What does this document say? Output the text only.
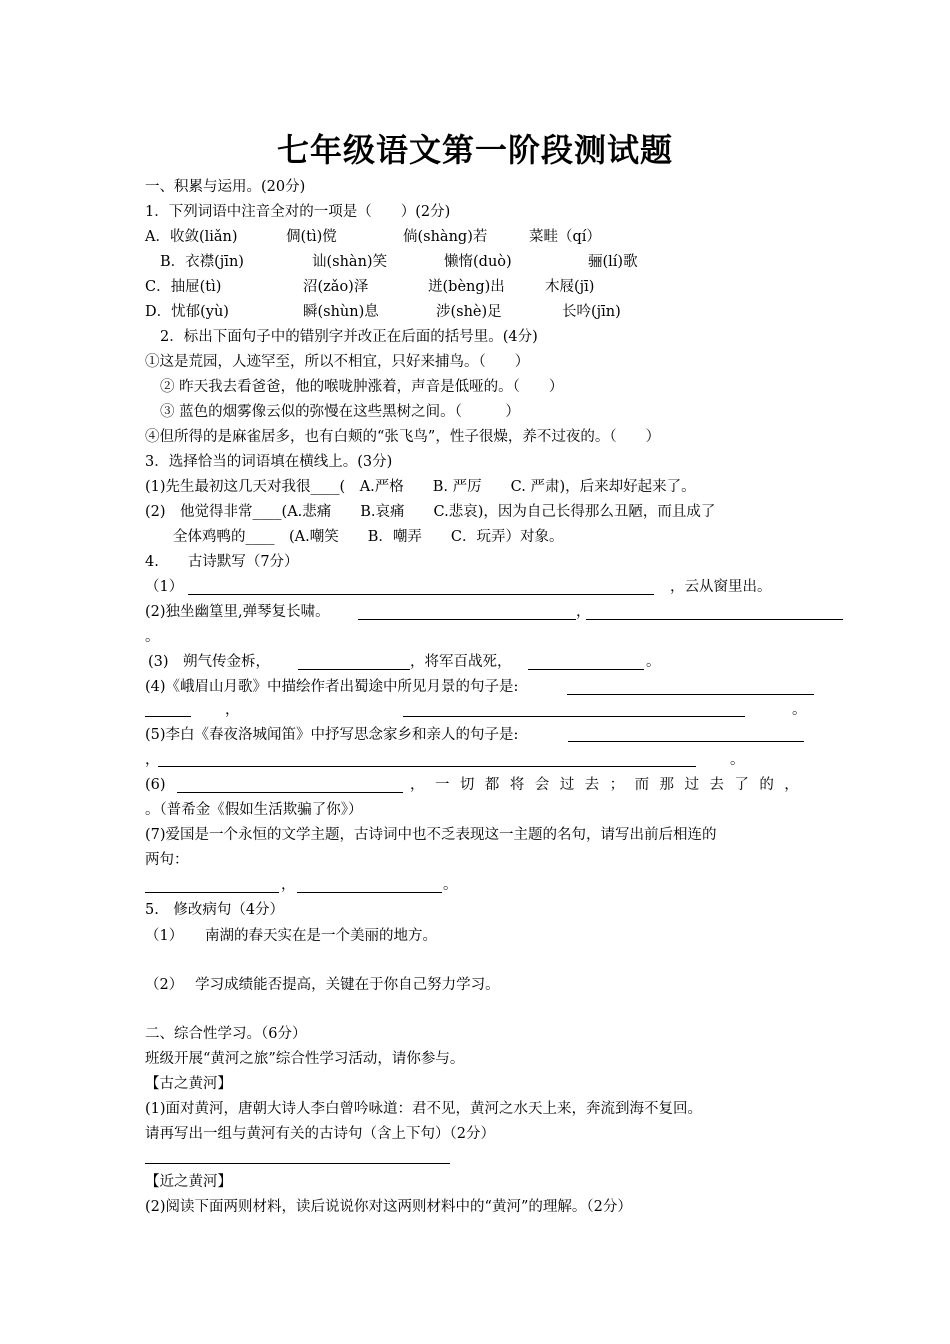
七年级语文第一阶段测试题
一、积累与运用。(20分)
1．下列词语中注音全对的一项是（　　）(2分)
A．收敛(liǎn)	倜(tì)傥	倘(shàng)若	菜畦（qí）
B．衣襟(jīn)	讪(shàn)笑	懒惰(duò)	骊(lí)歌
C．抽屉(tì)	沼(zǎo)泽	迸(bèng)出	木屐(jī)
D．忧郁(yù)	瞬(shùn)息	涉(shè)足	长吟(jīn)
2．标出下面句子中的错别字并改正在后面的括号里。(4分)
①这是荒园，人迹罕至，所以不相宜，只好来捕鸟。（　　）
② 昨天我去看爸爸，他的喉咙肿涨着，声音是低哑的。（　　）
③ 蓝色的烟雾像云似的弥慢在这些黑树之间。（　　　）
④但所得的是麻雀居多，也有白颊的“张飞鸟”，性子很燥，养不过夜的。（　　）
3．选择恰当的词语填在横线上。(3分)
(1)先生最初这几天对我很____(　A.严格　　B. 严厉　　C. 严肃)，后来却好起来了。
(2)　他觉得非常____(A.悲痛　　B.哀痛　　C.悲哀)，因为自己长得那么丑陋，而且成了
全体鸡鸭的____　(A.嘲笑　　B．嘲弄　　C．玩弄）对象。
4.　　古诗默写（7分）
（1）	，云从窗里出。
(2)独坐幽篁里,弹琴复长啸。	，
。
(3)　朔气传金柝，	，将军百战死，	。
(4)《峨眉山月歌》中描绘作者出蜀途中所见月景的句子是:
，	。
(5)李白《春夜洛城闻笛》中抒写思念家乡和亲人的句子是:
，	。
(6)	， 一 切 都 将 会 过 去 ； 而 那 过 去 了 的 ，
。（普希金《假如生活欺骗了你》）
(7)爱国是一个永恒的文学主题，古诗词中也不乏表现这一主题的名句，请写出前后相连的
两句：
，	。
5.　修改病句（4分）
（1）　　南湖的春天实在是一个美丽的地方。
（2）　 学习成绩能否提高，关键在于你自己努力学习。
二、综合性学习。（6分）
班级开展“黄河之旅”综合性学习活动，请你参与。
【古之黄河】
(1)面对黄河，唐朝大诗人李白曾吟咏道：君不见，黄河之水天上来，奔流到海不复回。
请再写出一组与黄河有关的古诗句（含上下句）（2分）
【近之黄河】
(2)阅读下面两则材料，读后说说你对这两则材料中的“黄河”的理解。（2分）
